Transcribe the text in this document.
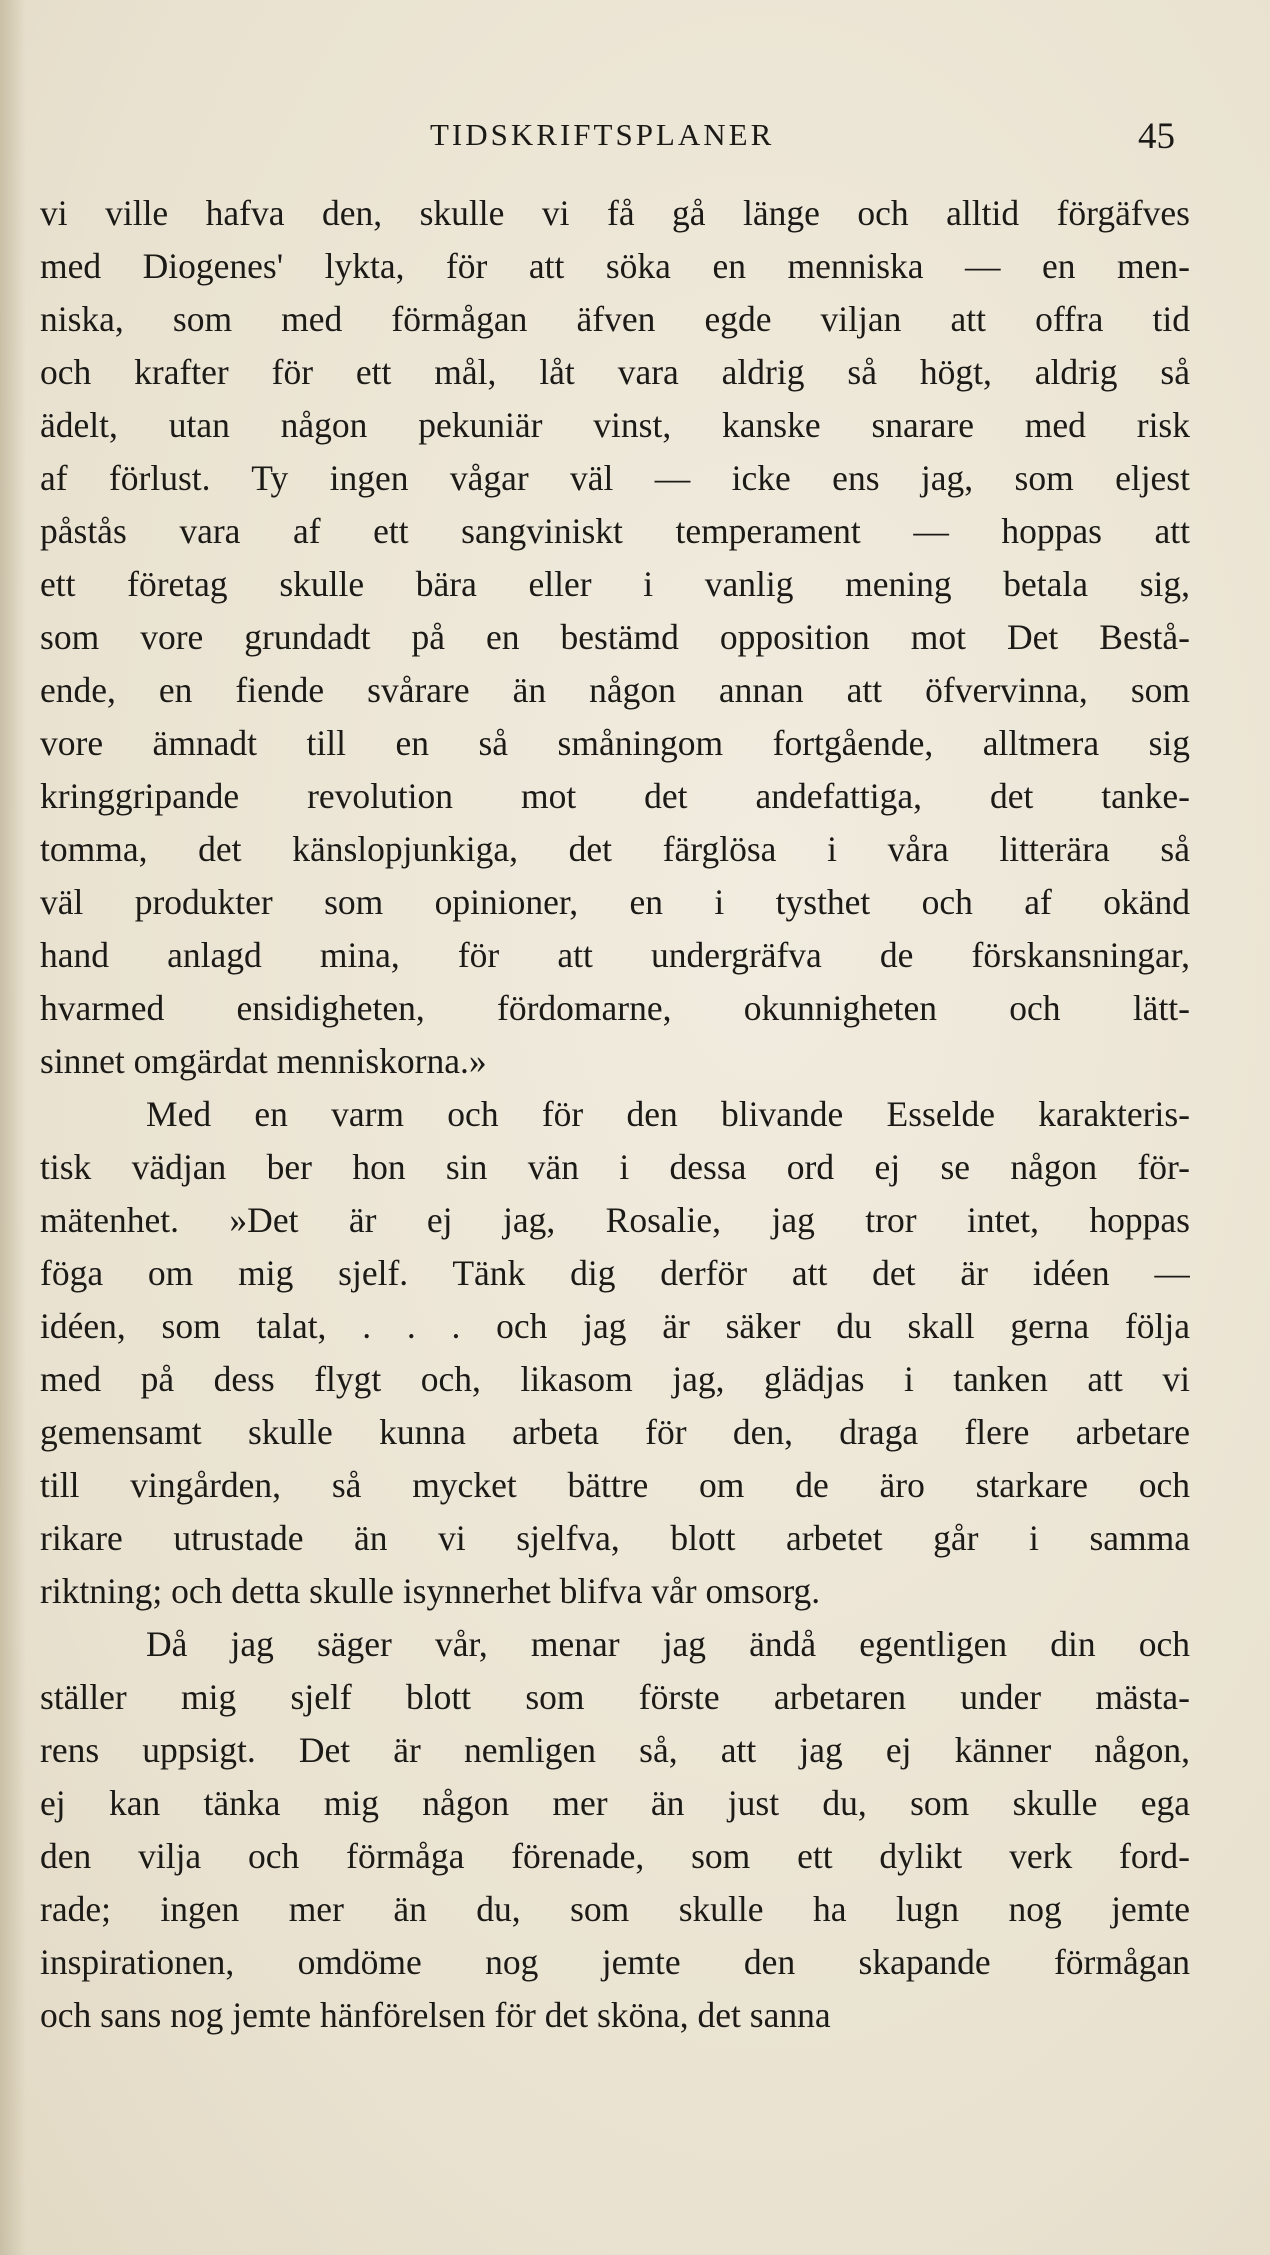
TIDSKRIFTSPLANER	45
vi ville hafva den, skulle vi få gå länge och alltid förgäfves
med Diogenes' lykta, för att söka en menniska — en men-
niska, som med förmågan äfven egde viljan att offra tid
och krafter för ett mål, låt vara aldrig så högt, aldrig så
ädelt, utan någon pekuniär vinst, kanske snarare med risk
af förlust. Ty ingen vågar väl — icke ens jag, som eljest
påstås vara af ett sangviniskt temperament — hoppas att
ett företag skulle bära eller i vanlig mening betala sig,
som vore grundadt på en bestämd opposition mot Det Bestå-
ende, en fiende svårare än någon annan att öfvervinna, som
vore ämnadt till en så småningom fortgående, alltmera sig
kringgripande revolution mot det andefattiga, det tanke-
tomma, det känslopjunkiga, det färglösa i våra litterära så
väl produkter som opinioner, en i tysthet och af okänd
hand anlagd mina, för att undergräfva de förskansningar,
hvarmed ensidigheten, fördomarne, okunnigheten och lätt-
sinnet omgärdat menniskorna.»
Med en varm och för den blivande Esselde karakteris-
tisk vädjan ber hon sin vän i dessa ord ej se någon för-
mätenhet. »Det är ej jag, Rosalie, jag tror intet, hoppas
föga om mig sjelf. Tänk dig derför att det är idéen —
idéen, som talat, . . . och jag är säker du skall gerna följa
med på dess flygt och, likasom jag, glädjas i tanken att vi
gemensamt skulle kunna arbeta för den, draga flere arbetare
till vingården, så mycket bättre om de äro starkare och
rikare utrustade än vi sjelfva, blott arbetet går i samma
riktning; och detta skulle isynnerhet blifva vår omsorg.
Då jag säger vår, menar jag ändå egentligen din och
ställer mig sjelf blott som förste arbetaren under mästa-
rens uppsigt. Det är nemligen så, att jag ej känner någon,
ej kan tänka mig någon mer än just du, som skulle ega
den vilja och förmåga förenade, som ett dylikt verk ford-
rade; ingen mer än du, som skulle ha lugn nog jemte
inspirationen, omdöme nog jemte den skapande förmågan
och sans nog jemte hänförelsen för det sköna, det sanna
